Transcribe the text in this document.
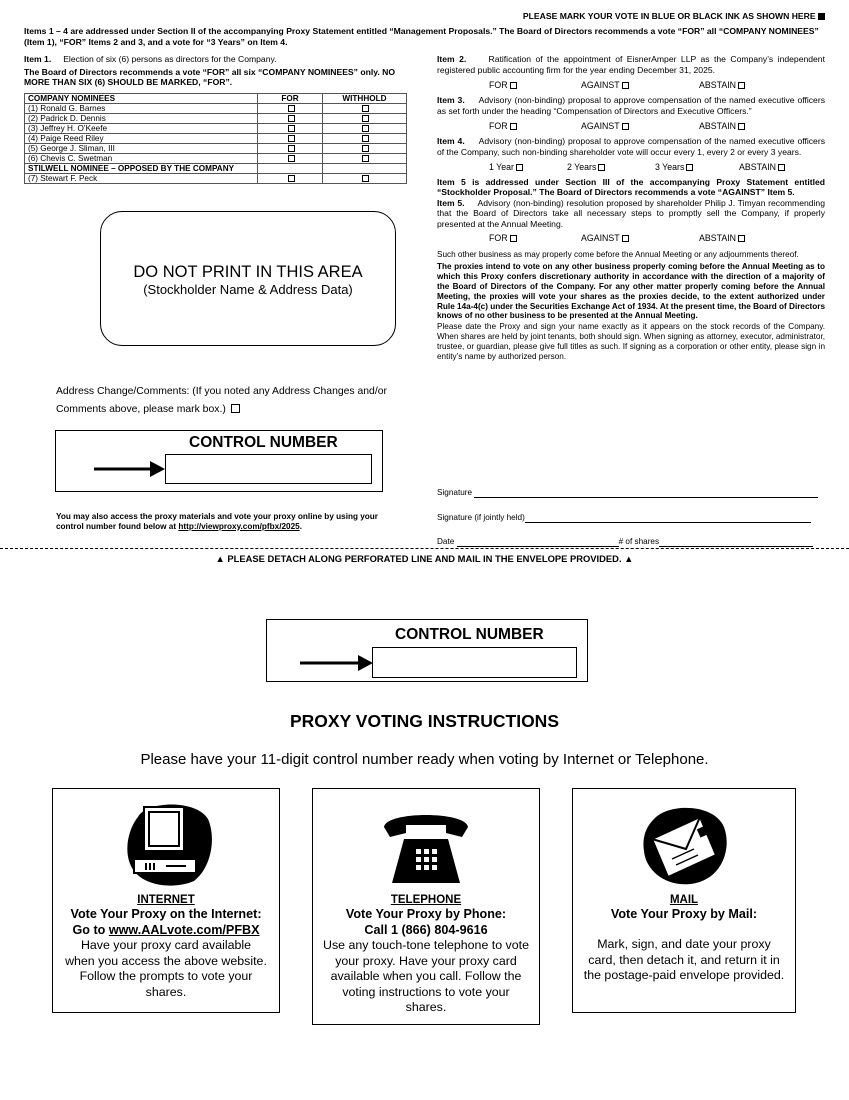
PLEASE MARK YOUR VOTE IN BLUE OR BLACK INK AS SHOWN HERE
Items 1 – 4 are addressed under Section II of the accompanying Proxy Statement entitled “Management Proposals.” The Board of Directors recommends a vote “FOR” all “COMPANY NOMINEES” (Item 1), “FOR” Items 2 and 3, and a vote for “3 Years” on Item 4.
Item 1. Election of six (6) persons as directors for the Company.
The Board of Directors recommends a vote “FOR” all six “COMPANY NOMINEES” only. NO MORE THAN SIX (6) SHOULD BE MARKED, “FOR”.
COMPANY NOMINEES	FOR	WITHHOLD
(1) Ronald G. Barnes		
(2) Padrick D. Dennis		
(3) Jeffrey H. O’Keefe		
(4) Paige Reed Riley		
(5) George J. Sliman, III		
(6) Chevis C. Swetman		
STILWELL NOMINEE – OPPOSED BY THE COMPANY		
(7) Stewart F. Peck		
DO NOT PRINT IN THIS AREA
(Stockholder Name & Address Data)
Address Change/Comments: (If you noted any Address Changes and/or Comments above, please mark box.)
CONTROL NUMBER
You may also access the proxy materials and vote your proxy online by using your control number found below at http://viewproxy.com/pfbx/2025.
Item 2.	Ratification of the appointment of EisnerAmper LLP as the Company’s independent registered public accounting firm for the year ending December 31, 2025.
FOR	AGAINST	ABSTAIN
Item 3. Advisory (non-binding) proposal to approve compensation of the named executive officers as set forth under the heading “Compensation of Directors and Executive Officers.”
FOR	AGAINST	ABSTAIN
Item 4. Advisory (non-binding) proposal to approve compensation of the named executive officers of the Company, such non-binding shareholder vote will occur every 1, every 2 or every 3 years.
1 Year	2 Years	3 Years	ABSTAIN
Item 5 is addressed under Section III of the accompanying Proxy Statement entitled “Stockholder Proposal.” The Board of Directors recommends a vote “AGAINST” Item 5.
Item 5. Advisory (non-binding) resolution proposed by shareholder Philip J. Timyan recommending that the Board of Directors take all necessary steps to promptly sell the Company, if properly presented at the Annual Meeting.
FOR	AGAINST	ABSTAIN
Such other business as may properly come before the Annual Meeting or any adjournments thereof.
The proxies intend to vote on any other business properly coming before the Annual Meeting as to which this Proxy confers discretionary authority in accordance with the direction of a majority of the Board of Directors of the Company. For any other matter properly coming before the Annual Meeting, the proxies will vote your shares as the proxies decide, to the extent authorized under Rule 14a-4(c) under the Securities Exchange Act of 1934. At the present time, the Board of Directors knows of no other business to be presented at the Annual Meeting.
Please date the Proxy and sign your name exactly as it appears on the stock records of the Company. When shares are held by joint tenants, both should sign. When signing as attorney, executor, administrator, trustee, or guardian, please give full titles as such. If signing as a corporation or other entity, please sign in entity’s name by authorized person.
Signature
Signature (if jointly held)
Date	# of shares
▲ PLEASE DETACH ALONG PERFORATED LINE AND MAIL IN THE ENVELOPE PROVIDED. ▲
CONTROL NUMBER
PROXY VOTING INSTRUCTIONS
Please have your 11-digit control number ready when voting by Internet or Telephone.
INTERNET
Vote Your Proxy on the Internet:
Go to www.AALvote.com/PFBX
Have your proxy card available when you access the above website. Follow the prompts to vote your shares.
TELEPHONE
Vote Your Proxy by Phone:
Call 1 (866) 804-9616
Use any touch-tone telephone to vote your proxy. Have your proxy card available when you call. Follow the voting instructions to vote your shares.
MAIL
Vote Your Proxy by Mail:
Mark, sign, and date your proxy card, then detach it, and return it in the postage-paid envelope provided.
